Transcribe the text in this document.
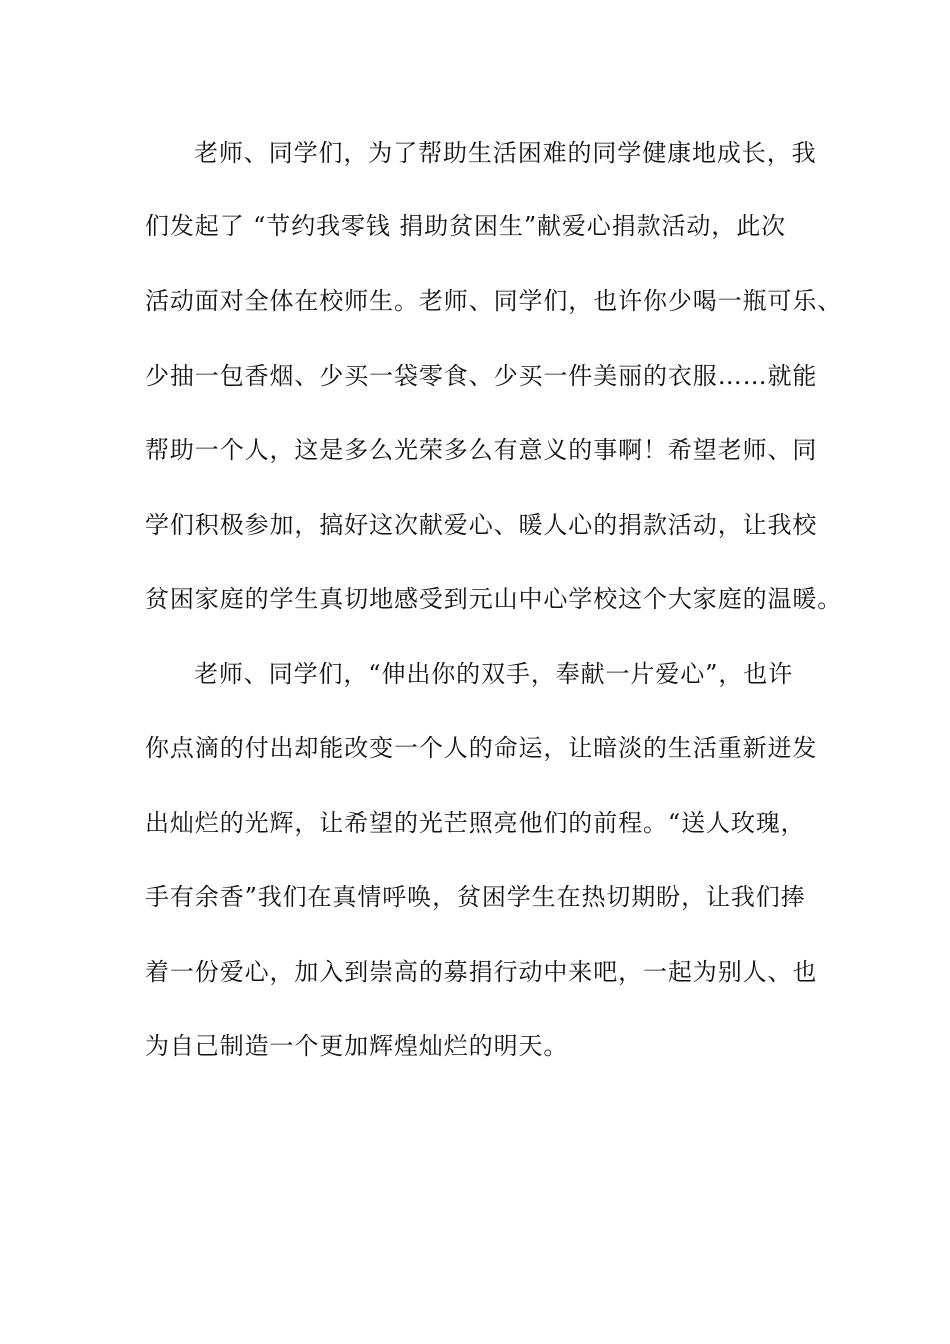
老师、同学们，为了帮助生活困难的同学健康地成长，我
们发起了 “节约我零钱 捐助贫困生”献爱心捐款活动，此次
活动面对全体在校师生。老师、同学们，也许你少喝一瓶可乐、
少抽一包香烟、少买一袋零食、少买一件美丽的衣服……就能
帮助一个人，这是多么光荣多么有意义的事啊！希望老师、同
学们积极参加，搞好这次献爱心、暖人心的捐款活动，让我校
贫困家庭的学生真切地感受到元山中心学校这个大家庭的温暖。
老师、同学们，“伸出你的双手，奉献一片爱心”，也许
你点滴的付出却能改变一个人的命运，让暗淡的生活重新迸发
出灿烂的光辉，让希望的光芒照亮他们的前程。“送人玫瑰，
手有余香”我们在真情呼唤，贫困学生在热切期盼，让我们捧
着一份爱心，加入到崇高的募捐行动中来吧，一起为别人、也
为自己制造一个更加辉煌灿烂的明天。
